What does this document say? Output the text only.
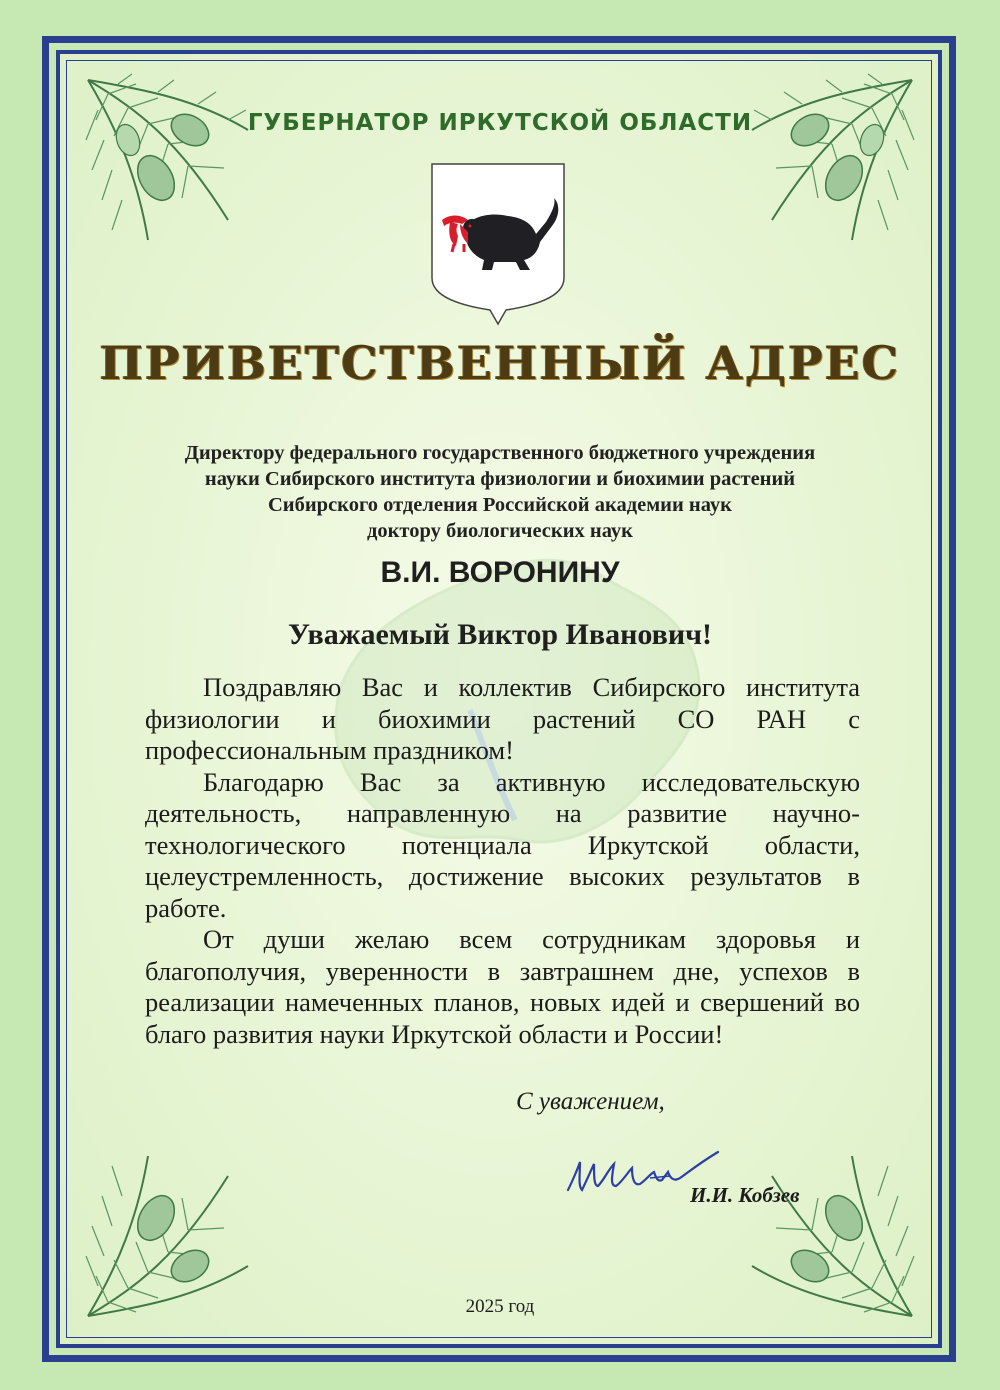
ГУБЕРНАТОР ИРКУТСКОЙ ОБЛАСТИ
ПРИВЕТСТВЕННЫЙ АДРЕС
Директору федерального государственного бюджетного учреждения
науки Сибирского института физиологии и биохимии растений
Сибирского отделения Российской академии наук
доктору биологических наук
В.И. ВОРОНИНУ
Уважаемый Виктор Иванович!

Поздравляю Вас и коллектив Сибирского института физиологии и биохимии растений СО РАН с профессиональным праздником!

Благодарю Вас за активную исследовательскую деятельность, направленную на развитие научно-технологического потенциала Иркутской области, целеустремленность, достижение высоких результатов в работе.

От души желаю всем сотрудникам здоровья и благополучия, уверенности в завтрашнем дне, успехов в реализации намеченных планов, новых идей и свершений во благо развития науки Иркутской области и России!

С уважением,
И.И. Кобзев
2025 год
